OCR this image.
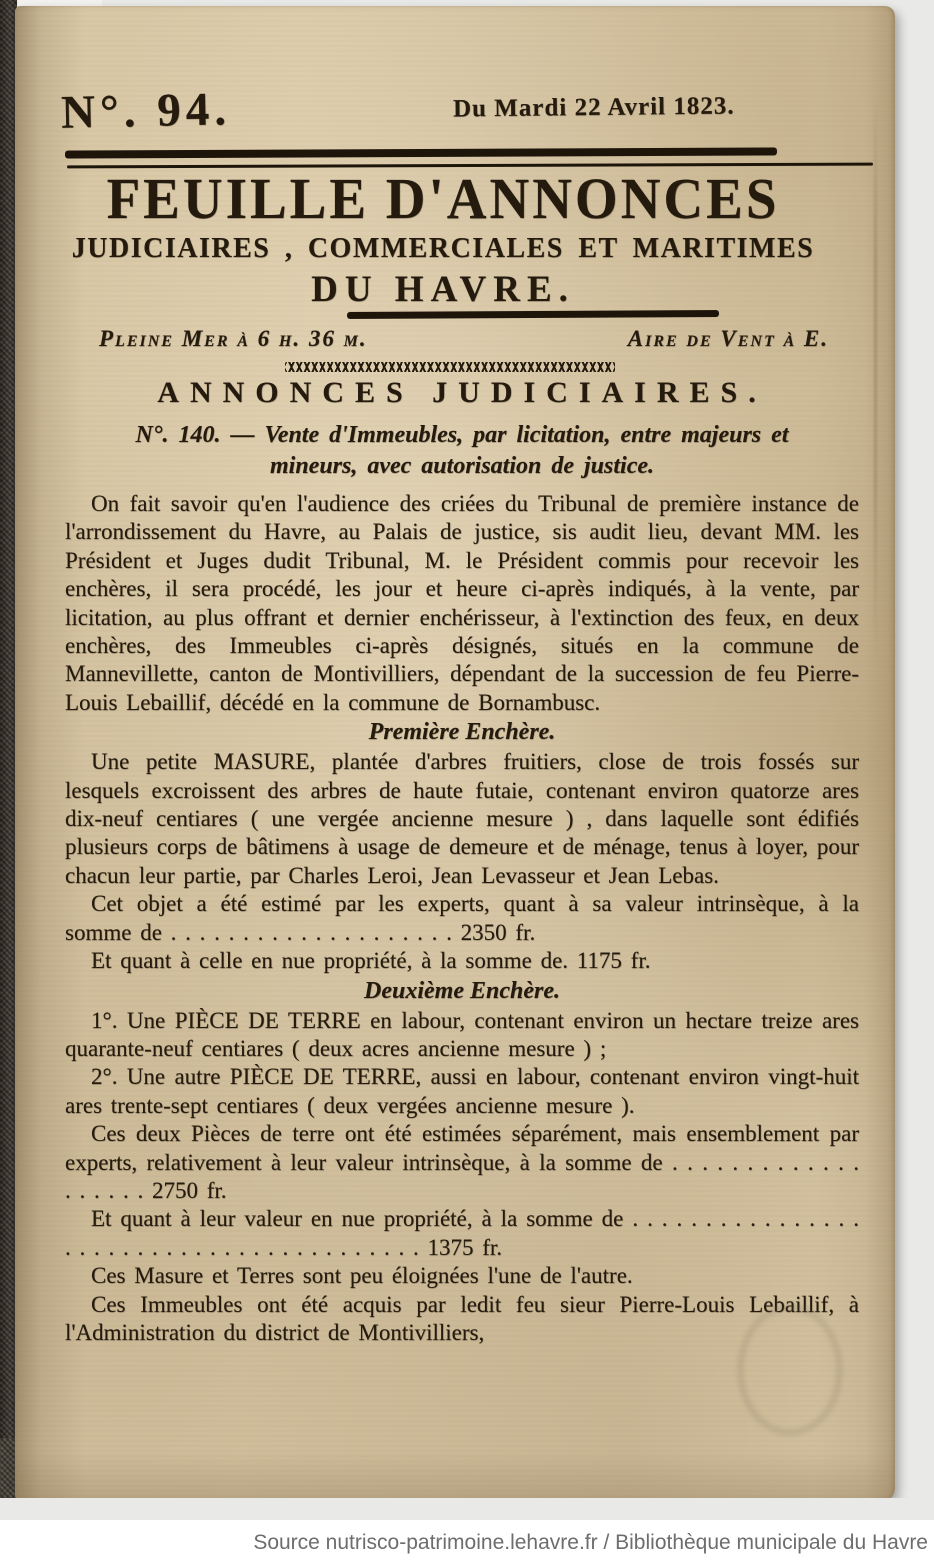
N°. 94.	Du Mardi 22 Avril 1823.
FEUILLE D'ANNONCES
JUDICIAIRES , COMMERCIALES ET MARITIMES
DU HAVRE.
Pleine Mer à 6 h. 36 m.	Aire de Vent à E.
ANNONCES JUDICIAIRES.
N°. 140. — Vente d'Immeubles, par licitation, entre majeurs et mineurs, avec autorisation de justice.

On fait savoir qu'en l'audience des criées du Tribunal de première instance de l'arrondissement du Havre, au Palais de justice, sis audit lieu, devant MM. les Président et Juges dudit Tribunal, M. le Président commis pour recevoir les enchères, il sera procédé, les jour et heure ci-après indiqués, à la vente, par licitation, au plus offrant et dernier enchérisseur, à l'extinction des feux, en deux enchères, des Immeubles ci-après désignés, situés en la commune de Mannevillette, canton de Montivilliers, dépendant de la succession de feu Pierre-Louis Lebaillif, décédé en la commune de Bornambusc.

Première Enchère.

Une petite MASURE, plantée d'arbres fruitiers, close de trois fossés sur lesquels excroissent des arbres de haute futaie, contenant environ quatorze ares dix-neuf centiares ( une vergée ancienne mesure ) , dans laquelle sont édifiés plusieurs corps de bâtimens à usage de demeure et de ménage, tenus à loyer, pour chacun leur partie, par Charles Leroi, Jean Levasseur et Jean Lebas.

Cet objet a été estimé par les experts, quant à sa valeur intrinsèque, à la somme de . . . . . . . . . . . . . . . . . . . . 2350 fr.

Et quant à celle en nue propriété, à la somme de. 1175 fr.

Deuxième Enchère.

1°. Une PIÈCE DE TERRE en labour, contenant environ un hectare treize ares quarante-neuf centiares ( deux acres ancienne mesure ) ;

2°. Une autre PIÈCE DE TERRE, aussi en labour, contenant environ vingt-huit ares trente-sept centiares ( deux vergées ancienne mesure ).

Ces deux Pièces de terre ont été estimées séparément, mais ensemblement par experts, relativement à leur valeur intrinsèque, à la somme de . . . . . . . . . . . . . . . . . . . 2750 fr.

Et quant à leur valeur en nue propriété, à la somme de . . . . . . . . . . . . . . . . . . . . . . . . . . . . . . . . . . . . . . . . . 1375 fr.

Ces Masure et Terres sont peu éloignées l'une de l'autre.

Ces Immeubles ont été acquis par ledit feu sieur Pierre-Louis Lebaillif, à l'Administration du district de Montivilliers,

Source nutrisco-patrimoine.lehavre.fr / Bibliothèque municipale du Havre
